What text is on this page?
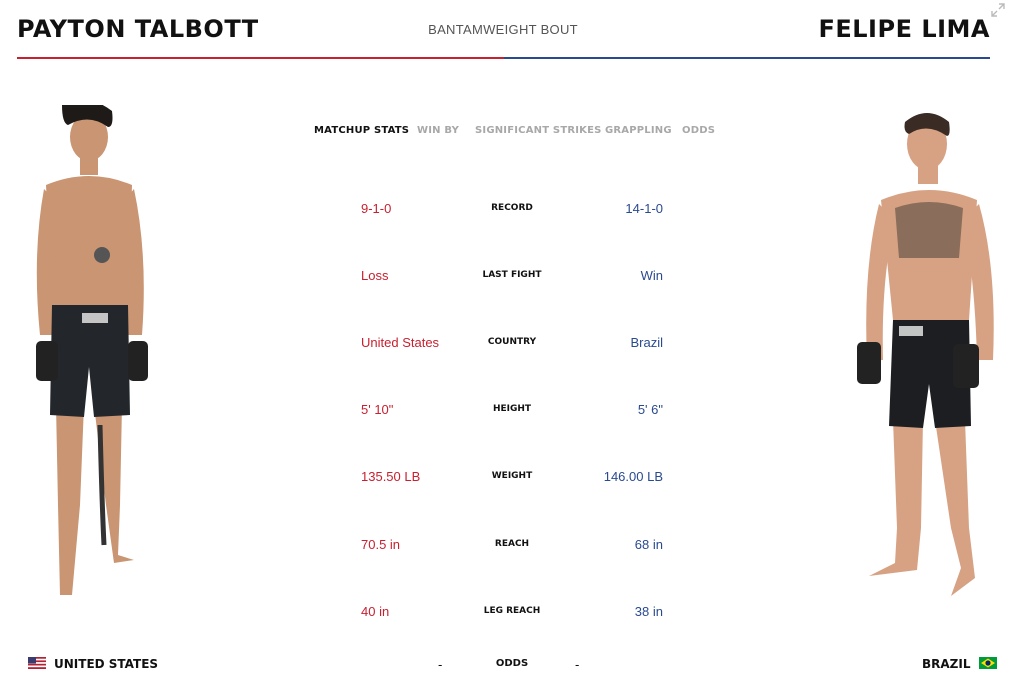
PAYTON TALBOTT	BANTAMWEIGHT BOUT	FELIPE LIMA
MATCHUP STATS WIN BY SIGNIFICANT STRIKES GRAPPLING ODDS
9-1-0	RECORD	14-1-0
Loss	LAST FIGHT	Win
United States	COUNTRY	Brazil
5' 10"	HEIGHT	5' 6"
135.50 LB	WEIGHT	146.00 LB
70.5 in	REACH	68 in
40 in	LEG REACH	38 in
UNITED STATES	-	ODDS	-	BRAZIL
